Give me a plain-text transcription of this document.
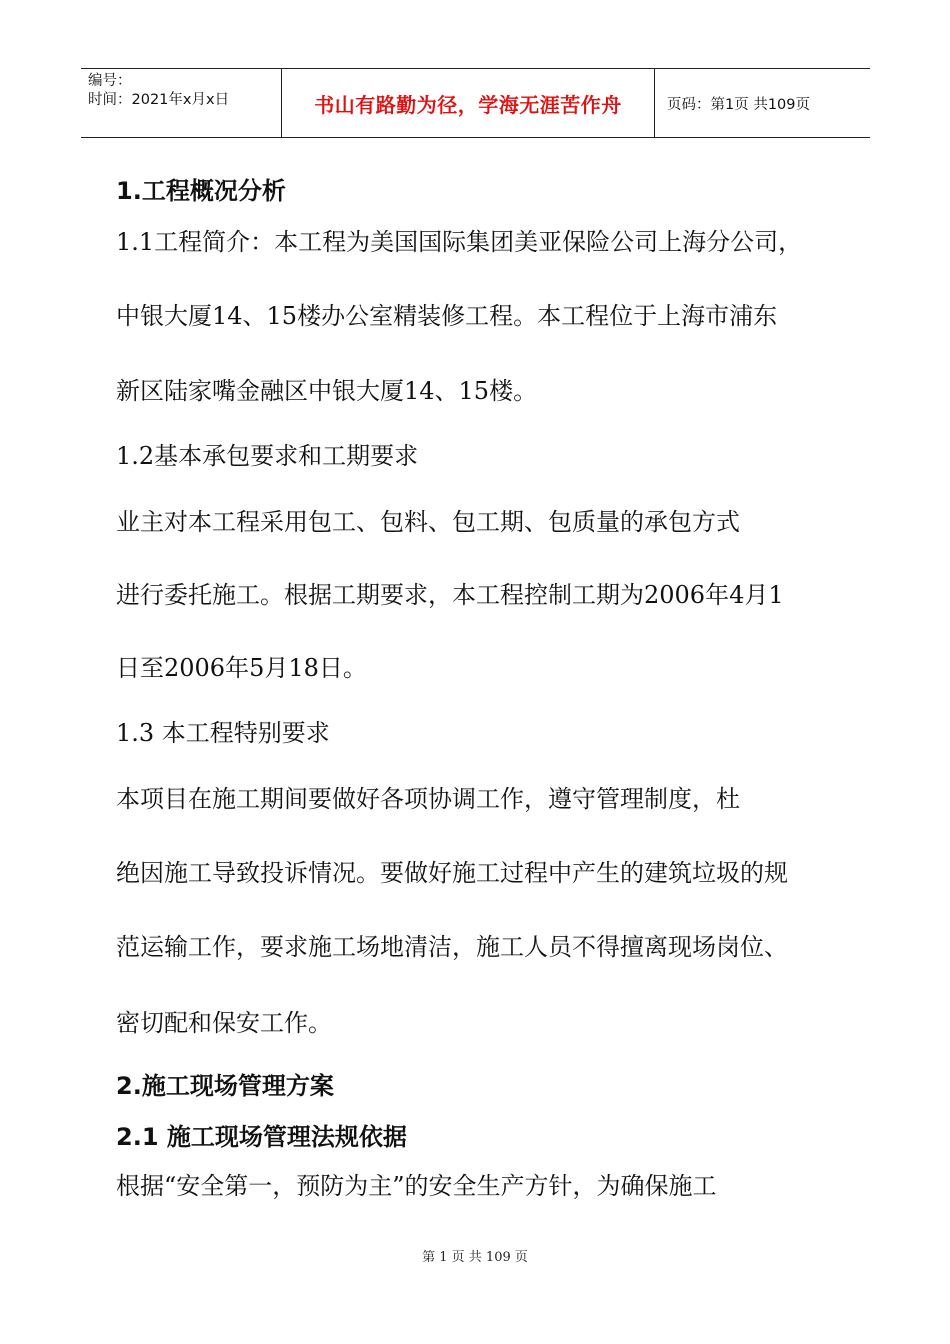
编号：
时间：2021年x月x日	书山有路勤为径，学海无涯苦作舟	页码：第1页 共109页
1.工程概况分析
1.1工程简介：本工程为美国国际集团美亚保险公司上海分公司，
中银大厦14、15楼办公室精装修工程。本工程位于上海市浦东
新区陆家嘴金融区中银大厦14、15楼。
1.2基本承包要求和工期要求
业主对本工程采用包工、包料、包工期、包质量的承包方式
进行委托施工。根据工期要求，本工程控制工期为2006年4月1
日至2006年5月18日。
1.3 本工程特别要求
本项目在施工期间要做好各项协调工作，遵守管理制度，杜
绝因施工导致投诉情况。要做好施工过程中产生的建筑垃圾的规
范运输工作，要求施工场地清洁，施工人员不得擅离现场岗位、
密切配和保安工作。
2.施工现场管理方案
2.1 施工现场管理法规依据
根据“安全第一，预防为主”的安全生产方针，为确保施工
第 1 页 共 109 页
